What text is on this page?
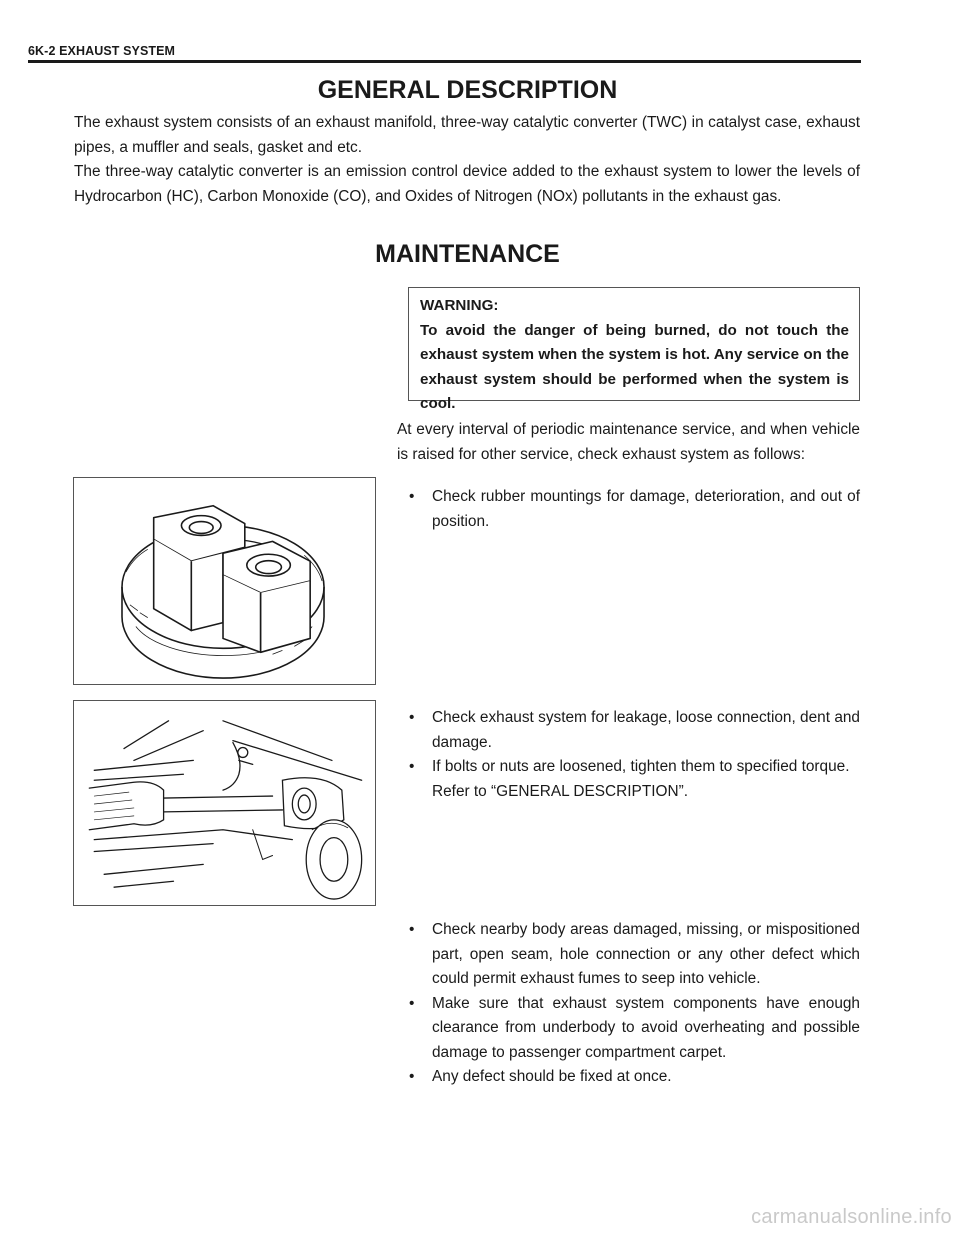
6K-2 EXHAUST SYSTEM
GENERAL DESCRIPTION

The exhaust system consists of an exhaust manifold, three-way catalytic converter (TWC) in catalyst case, exhaust pipes, a muffler and seals, gasket and etc.

The three-way catalytic converter is an emission control device added to the exhaust system to lower the levels of Hydrocarbon (HC), Carbon Monoxide (CO), and Oxides of Nitrogen (NOx) pollutants in the exhaust gas.

MAINTENANCE

WARNING:

To avoid the danger of being burned, do not touch the exhaust system when the system is hot. Any service on the exhaust system should be performed when the system is cool.

At every interval of periodic maintenance service, and when vehicle is raised for other service, check exhaust system as follows:

• Check rubber mountings for damage, deterioration, and out of position.
• Check exhaust system for leakage, loose connection, dent and damage.
• If bolts or nuts are loosened, tighten them to specified torque.
Refer to “GENERAL DESCRIPTION”.
• Check nearby body areas damaged, missing, or mispositioned part, open seam, hole connection or any other defect which could permit exhaust fumes to seep into vehicle.
• Make sure that exhaust system components have enough clearance from underbody to avoid overheating and possible damage to passenger compartment carpet.
• Any defect should be fixed at once.
carmanualsonline.info
